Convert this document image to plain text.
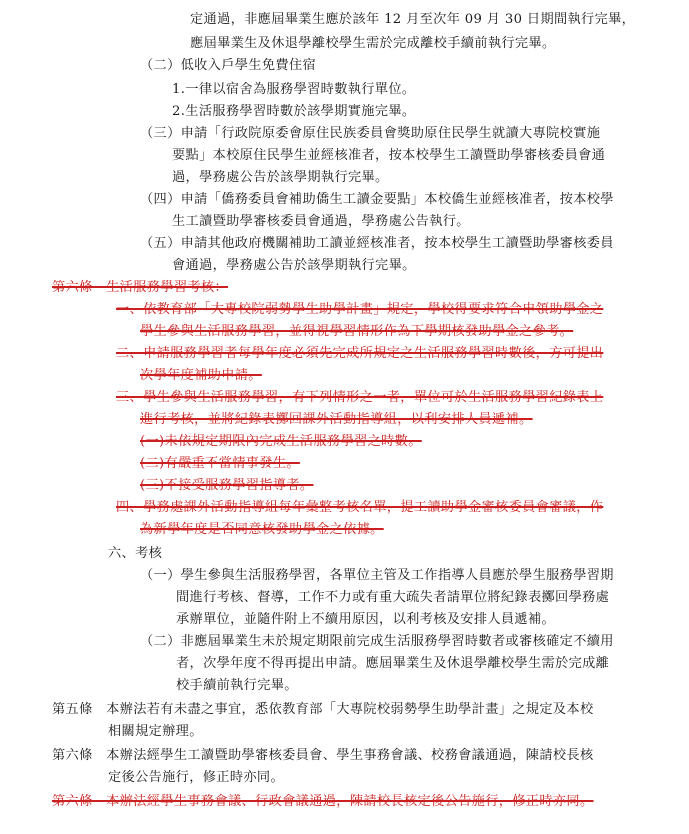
定通過，非應屆畢業生應於該年 12 月至次年 09 月 30 日期間執行完畢，
應屆畢業生及休退學離校學生需於完成離校手續前執行完畢。
（二）低收入戶學生免費住宿
1.一律以宿舍為服務學習時數執行單位。
2.生活服務學習時數於該學期實施完畢。
（三）申請「行政院原委會原住民族委員會獎助原住民學生就讀大專院校實施
要點」本校原住民學生並經核准者，按本校學生工讀暨助學審核委員會通
過，學務處公告於該學期執行完畢。
（四）申請「僑務委員會補助僑生工讀金要點」本校僑生並經核准者，按本校學
生工讀暨助學審核委員會通過，學務處公告執行。
（五）申請其他政府機關補助工讀並經核准者，按本校學生工讀暨助學審核委員
會通過，學務處公告於該學期執行完畢。
第六條　生活服務學習考核：
一、依教育部「大專校院弱勢學生助學計畫」規定，學校得要求符合申領助學金之
學生參與生活服務學習，並得視學習情形作為下學期核發助學金之參考。
二、申請服務學習者每學年度必須先完成所規定之生活服務學習時數後，方可提出
次學年度補助申請。
三、學生參與生活服務學習，有下列情形之一者，單位可於生活服務學習紀錄表上
進行考核，並將紀錄表擲回課外活動指導組，以利安排人員遞補。
(一)未依規定期限內完成生活服務學習之時數。
(二)有嚴重不當情事發生。
(三)不接受服務學習指導者。
四、學務處課外活動指導組每年彙整考核名單，提工讀助學金審核委員會審議，作
為新學年度是否同意核發助學金之依據。
六、考核
（一）學生參與生活服務學習，各單位主管及工作指導人員應於學生服務學習期
間進行考核、督導，工作不力或有重大疏失者請單位將紀錄表擲回學務處
承辦單位，並隨件附上不續用原因，以利考核及安排人員遞補。
（二）非應屆畢業生未於規定期限前完成生活服務學習時數者或審核確定不續用
者，次學年度不得再提出申請。應屆畢業生及休退學離校學生需於完成離
校手續前執行完畢。
第五條　本辦法若有未盡之事宜，悉依教育部「大專院校弱勢學生助學計畫」之規定及本校
相關規定辦理。
第六條　本辦法經學生工讀暨助學審核委員會、學生事務會議、校務會議通過，陳請校長核
定後公告施行，修正時亦同。
第六條　本辦法經學生事務會議、行政會議通過，陳請校長核定後公告施行，修正時亦同。
